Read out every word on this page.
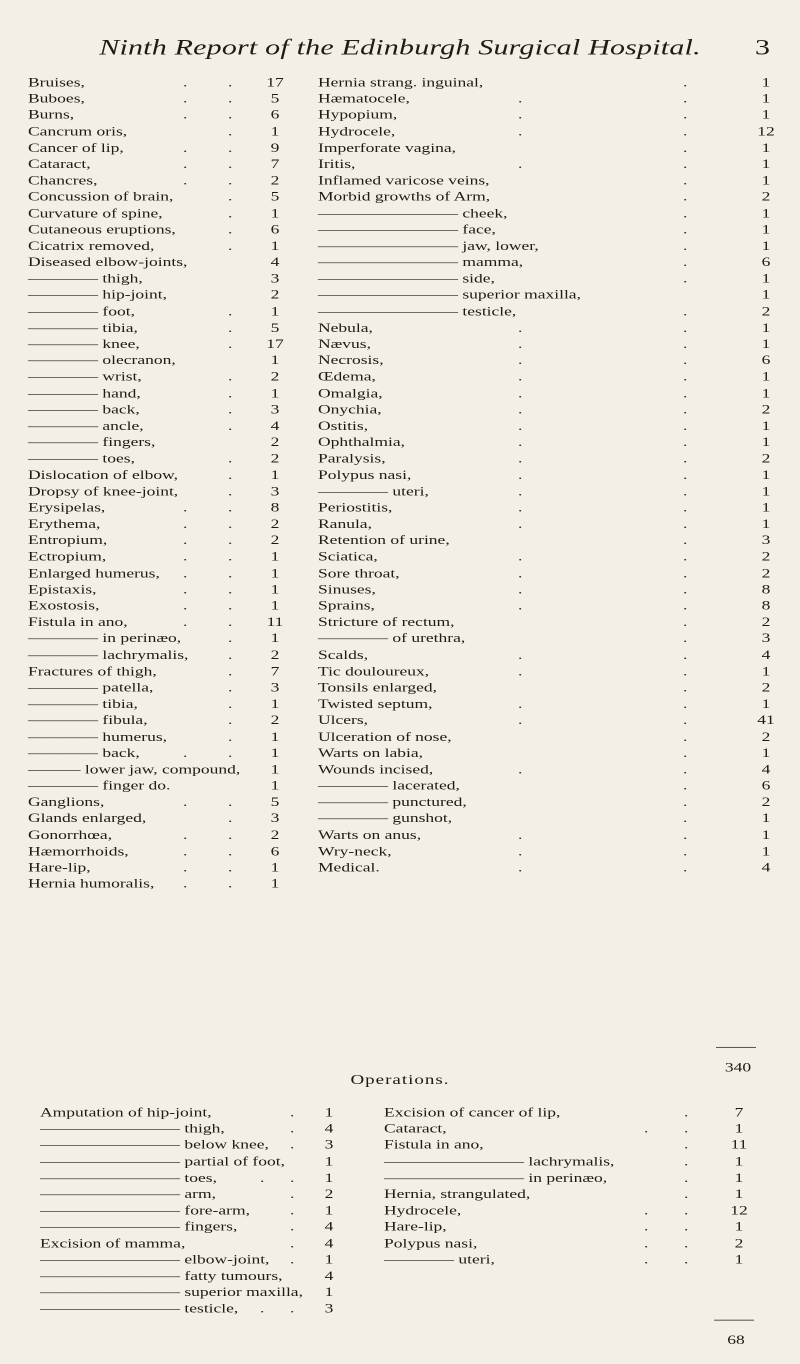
Ninth Report of the Edinburgh Surgical Hospital.	3
Bruises,	. .	17
Buboes,	. .	5
Burns,	. .	6
Cancrum oris,	.	1
Cancer of lip,	. .	9
Cataract,	. .	7
Chancres,	. .	2
Concussion of brain,	.	5
Curvature of spine,	.	1
Cutaneous eruptions,	.	6
Cicatrix removed,	.	1
Diseased elbow-joints,	4
———— thigh,	3
———— hip-joint,	2
———— foot,	.	1
———— tibia,	.	5
———— knee,	.	17
———— olecranon,	1
———— wrist,	.	2
———— hand,	.	1
———— back,	.	3
———— ancle,	.	4
———— fingers,	2
———— toes,	.	2
Dislocation of elbow,	.	1
Dropsy of knee-joint,	.	3
Erysipelas,	. .	8
Erythema,	. .	2
Entropium,	. .	2
Ectropium,	. .	1
Enlarged humerus, . .	1
Epistaxis,	. .	1
Exostosis,	. .	1
Fistula in ano,	. .	11
———— in perinæo,	.	1
———— lachrymalis, .	2
Fractures of thigh,	.	7
———— patella,	.	3
———— tibia,	.	1
———— fibula,	.	2
———— humerus,	.	1
———— back, . .	1
——— lower jaw, compound,	1
———— finger do.	1
Ganglions,	. .	5
Glands enlarged,	.	3
Gonorrhœa,	. .	2
Hæmorrhoids,	. .	6
Hare-lip,	. .	1
Hernia humoralis, . .	1
Hernia strang. inguinal,	.	1
Hæmatocele,	.	.	1
Hypopium,	.	.	1
Hydrocele,	.	.	12
Imperforate vagina,	.	1
Iritis,	.	.	1
Inflamed varicose veins,	.	1
Morbid growths of Arm,	.	2
———————— cheek,	.	1
———————— face,	.	1
———————— jaw, lower,	.	1
———————— mamma,	.	6
———————— side,	.	1
———————— superior maxilla,	1
———————— testicle,	.	2
Nebula,	.	.	1
Nævus,	.	.	1
Necrosis,	.	.	6
Œdema,	.	.	1
Omalgia,	.	.	1
Onychia,	.	.	2
Ostitis,	.	.	1
Ophthalmia,	.	.	1
Paralysis,	.	.	2
Polypus nasi,	.	.	1
———— uteri,	.	.	1
Periostitis,	.	.	1
Ranula,	.	.	1
Retention of urine,	.	3
Sciatica,	.	.	2
Sore throat,	.	.	2
Sinuses,	.	.	8
Sprains,	.	.	8
Stricture of rectum,	.	2
———— of urethra,	.	3
Scalds,	.	.	4
Tic douloureux,	.	.	1
Tonsils enlarged,	.	2
Twisted septum,	.	.	1
Ulcers,	.	.	41
Ulceration of nose,	.	2
Warts on labia,	.	1
Wounds incised,	.	.	4
———— lacerated,	.	6
———— punctured,	.	2
———— gunshot,	.	1
Warts on anus,	.	.	1
Wry-neck,	.	.	1
Medical.	.	.	4
340
Operations.
Amputation of hip-joint,	.	1
———————— thigh,	.	4
———————— below knee, .	3
———————— partial of foot,	1
———————— toes, . .	1
———————— arm,	.	2
———————— fore-arm, .	1
———————— fingers,	.	4
Excision of mamma,	.	4
———————— elbow-joint, .	1
———————— fatty tumours,	4
———————— superior maxilla,	1
———————— testicle, . .	3
Excision of cancer of lip,	.	7
Cataract,	. .	1
Fistula in ano,	.	11
———————— lachrymalis,	.	1
———————— in perinæo,	.	1
Hernia, strangulated,	.	1
Hydrocele,	. .	12
Hare-lip,	. .	1
Polypus nasi,	. .	2
———— uteri,	. .	1
68
